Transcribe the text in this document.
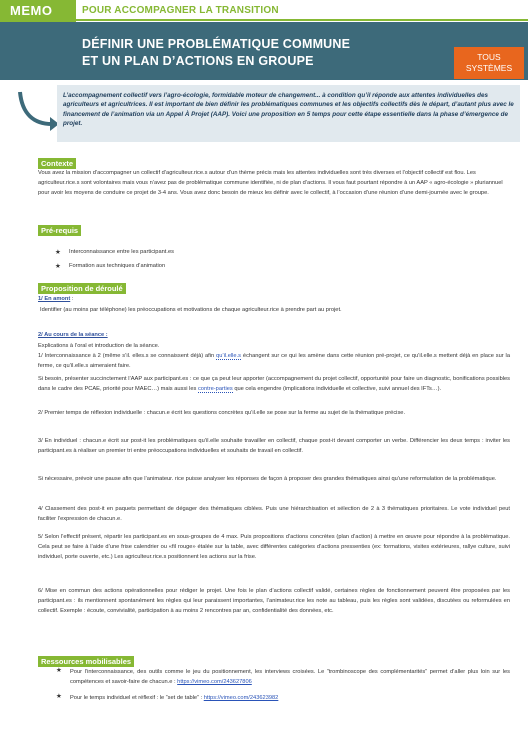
MEMO	POUR ACCOMPAGNER LA TRANSITION
DÉFINIR UNE PROBLÉMATIQUE COMMUNE
ET UN PLAN D’ACTIONS EN GROUPE	TOUS
SYSTÈMES
L’accompagnement collectif vers l’agro-écologie, formidable moteur de changement... à condition qu’il réponde aux attentes individuelles des agriculteurs et agricultrices. Il est important de bien définir les problématiques communes et les objectifs collectifs dès le départ, d’autant plus avec le financement de l’animation via un Appel À Projet (AAP). Voici une proposition en 5 temps pour cette étape essentielle dans la phase d’émergence de projet.
Contexte
Vous avez la mission d’accompagner un collectif d’agriculteur.rice.s autour d’un thème précis mais les attentes individuelles sont très diverses et l’objectif collectif est flou. Les agriculteur.rice.s sont volontaires mais vous n’avez pas de problématique commune identifiée, ni de plan d’actions. Il vous faut pourtant répondre à un AAP « agro-écologie » pluriannuel pour avoir les moyens de conduire ce projet de 3-4 ans. Vous avez donc besoin de mieux les définir avec le collectif, à l’occasion d’une réunion d’une demi-journée avec le groupe.
Pré-requis
★ Interconnaissance entre les participant.es
★ Formation aux techniques d’animation
Proposition de déroulé
1/ En amont :
Identifier (au moins par téléphone) les préoccupations et motivations de chaque agriculteur.rice à prendre part au projet.
2/ Au cours de la séance :
Explications à l’oral et introduction de la séance.
1/ Interconnaissance à 2 (même s’il. elles.s se connaissent déjà) afin qu’il.elle.s échangent sur ce qui les amène dans cette réunion pré-projet, ce qu’il.elle.s mettent déjà en place sur la ferme, ce qu’il.elle.s aimeraient faire.
Si besoin, présenter succinctement l’AAP aux participant.es : ce que ça peut leur apporter (accompagnement du projet collectif, opportunité pour faire un diagnostic, bonifications possibles dans le cadre des PCAE, priorité pour MAEC…) mais aussi les contre-parties que cela engendre (implications individuelle et collective, suivi annuel des IFTs…).
2/ Premier temps de réflexion individuelle : chacun.e écrit les questions concrètes qu’il.elle se pose sur la ferme au sujet de la thématique précise.
3/ En individuel : chacun.e écrit sur post-it les problématiques qu’il.elle souhaite travailler en collectif, chaque post-it devant comporter un verbe. Différencier les deux temps : inviter les participant.es à réaliser un premier tri entre préoccupations individuelles et souhaits de travail en collectif.
Si nécessaire, prévoir une pause afin que l’animateur. rice puisse analyser les réponses de façon à proposer des grandes thématiques ainsi qu’une reformulation de la problématique.
4/ Classement des post-it en paquets permettant de dégager des thématiques ciblées. Puis une hiérarchisation et sélection de 2 à 3 thématiques prioritaires. Le vote individuel peut faciliter l’expression de chacun.e.
5/ Selon l’effectif présent, répartir les participant.es en sous-groupes de 4 max. Puis propositions d’actions concrètes (plan d’action) à mettre en œuvre pour répondre à la problématique. Cela peut se faire à l’aide d’une frise calendrier ou «fil rouge» étalée sur la table, avec différentes catégories d’actions pressenties (ex: formations, visites extérieures, rallye culture, suivi individuel, porte ouverte, etc.) Les agriculteur.rice.s positionnent les actions sur la frise.
6/ Mise en commun des actions opérationnelles pour rédiger le projet. Une fois le plan d’actions collectif validé, certaines règles de fonctionnement peuvent être proposées par les participant.es : ils mentionnent spontanément les règles qui leur paraissent importantes, l’animateur.rice les note au tableau, puis les règles sont validées, discutées ou reformulées en collectif. Exemple : écoute, convivialité, participation à au moins 2 rencontres par an, confidentialité des données, etc.
Ressources mobilisables
★ Pour l’interconnaissance, des outils comme le jeu du positionnement, les interviews croisées. Le “trombinoscope des complémentarités” permet d’aller plus loin sur les compétences et savoir-faire de chacun.e : https://vimeo.com/243627806
★ Pour le temps individuel et réflexif : le “set de table” : https://vimeo.com/243623982
